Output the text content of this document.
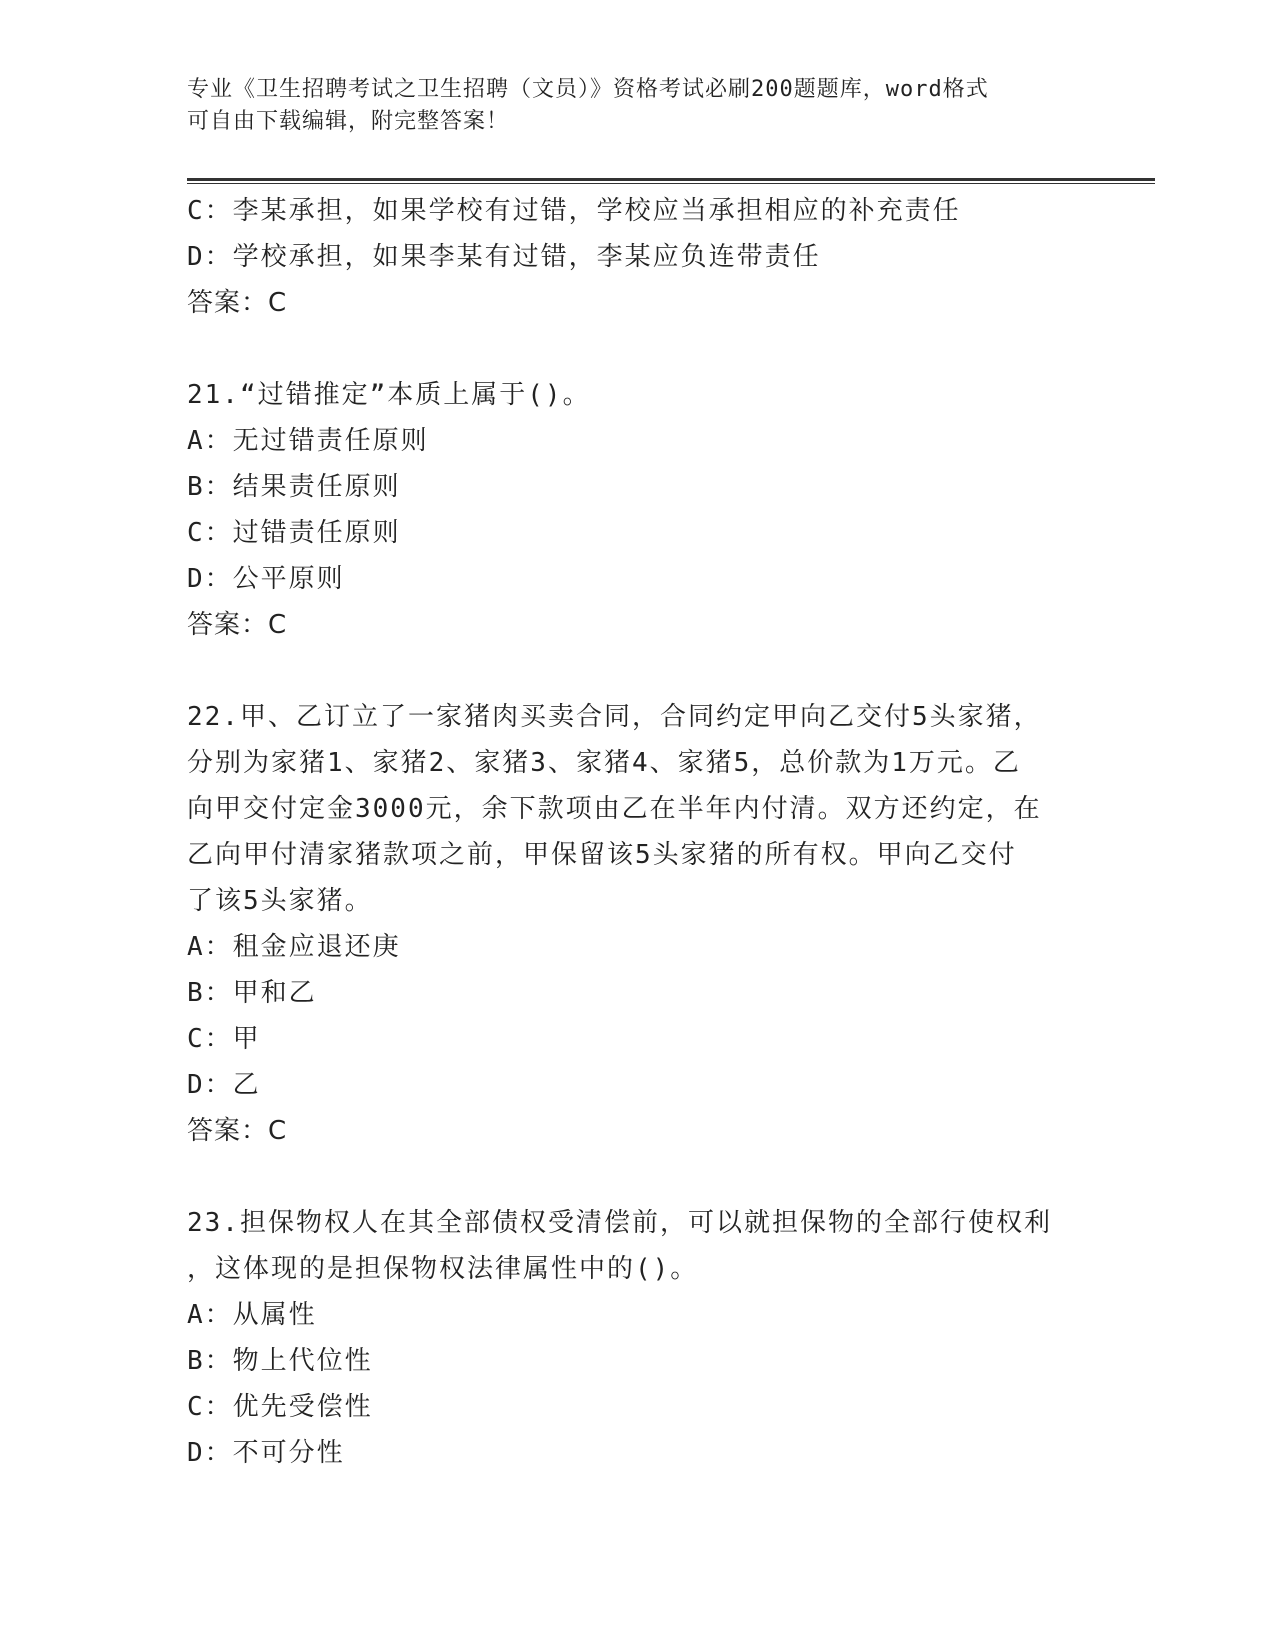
专业《卫生招聘考试之卫生招聘（文员）》资格考试必刷200题题库，word格式
可自由下载编辑，附完整答案！
C：李某承担，如果学校有过错，学校应当承担相应的补充责任
D：学校承担，如果李某有过错，李某应负连带责任
答案：C
21.“过错推定”本质上属于()。
A：无过错责任原则
B：结果责任原则
C：过错责任原则
D：公平原则
答案：C
22.甲、乙订立了一家猪肉买卖合同，合同约定甲向乙交付5头家猪，
分别为家猪1、家猪2、家猪3、家猪4、家猪5，总价款为1万元。乙
向甲交付定金3000元，余下款项由乙在半年内付清。双方还约定，在
乙向甲付清家猪款项之前，甲保留该5头家猪的所有权。甲向乙交付
了该5头家猪。
A：租金应退还庚
B：甲和乙
C：甲
D：乙
答案：C
23.担保物权人在其全部债权受清偿前，可以就担保物的全部行使权利
，这体现的是担保物权法律属性中的()。
A：从属性
B：物上代位性
C：优先受偿性
D：不可分性
